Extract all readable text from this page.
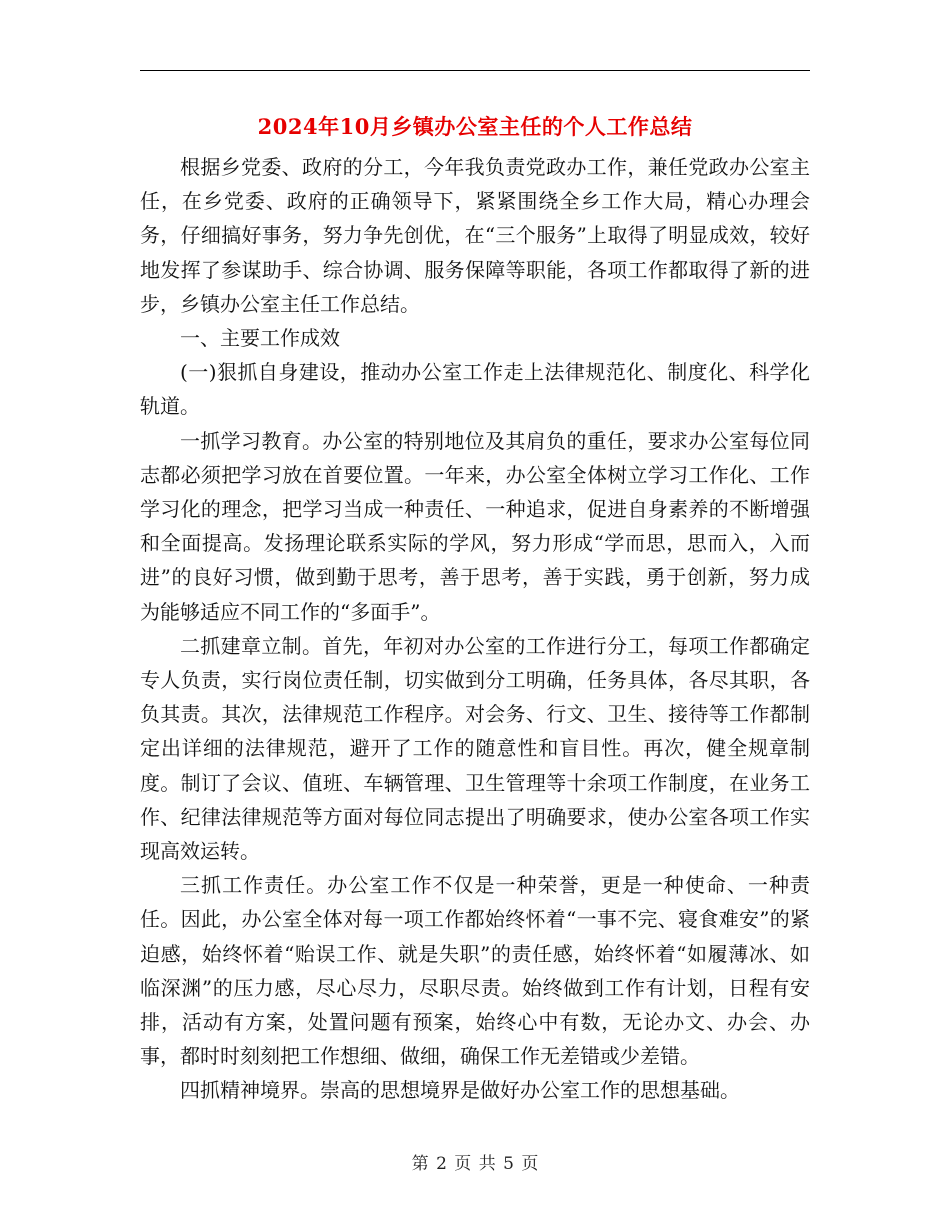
2024年10月乡镇办公室主任的个人工作总结

根据乡党委、政府的分工，今年我负责党政办工作，兼任党政办公室主任，在乡党委、政府的正确领导下，紧紧围绕全乡工作大局，精心办理会务，仔细搞好事务，努力争先创优，在“三个服务”上取得了明显成效，较好地发挥了参谋助手、综合协调、服务保障等职能，各项工作都取得了新的进步，乡镇办公室主任工作总结。

一、主要工作成效

(一)狠抓自身建设，推动办公室工作走上法律规范化、制度化、科学化轨道。

一抓学习教育。办公室的特别地位及其肩负的重任，要求办公室每位同志都必须把学习放在首要位置。一年来，办公室全体树立学习工作化、工作学习化的理念，把学习当成一种责任、一种追求，促进自身素养的不断增强和全面提高。发扬理论联系实际的学风，努力形成“学而思，思而入，入而进”的良好习惯，做到勤于思考，善于思考，善于实践，勇于创新，努力成为能够适应不同工作的“多面手”。

二抓建章立制。首先，年初对办公室的工作进行分工，每项工作都确定专人负责，实行岗位责任制，切实做到分工明确，任务具体，各尽其职，各负其责。其次，法律规范工作程序。对会务、行文、卫生、接待等工作都制定出详细的法律规范，避开了工作的随意性和盲目性。再次，健全规章制度。制订了会议、值班、车辆管理、卫生管理等十余项工作制度，在业务工作、纪律法律规范等方面对每位同志提出了明确要求，使办公室各项工作实现高效运转。

三抓工作责任。办公室工作不仅是一种荣誉，更是一种使命、一种责任。因此，办公室全体对每一项工作都始终怀着“一事不完、寝食难安”的紧迫感，始终怀着“贻误工作、就是失职”的责任感，始终怀着“如履薄冰、如临深渊”的压力感，尽心尽力，尽职尽责。始终做到工作有计划，日程有安排，活动有方案，处置问题有预案，始终心中有数，无论办文、办会、办事，都时时刻刻把工作想细、做细，确保工作无差错或少差错。

四抓精神境界。崇高的思想境界是做好办公室工作的思想基础。

第 2 页 共 5 页
